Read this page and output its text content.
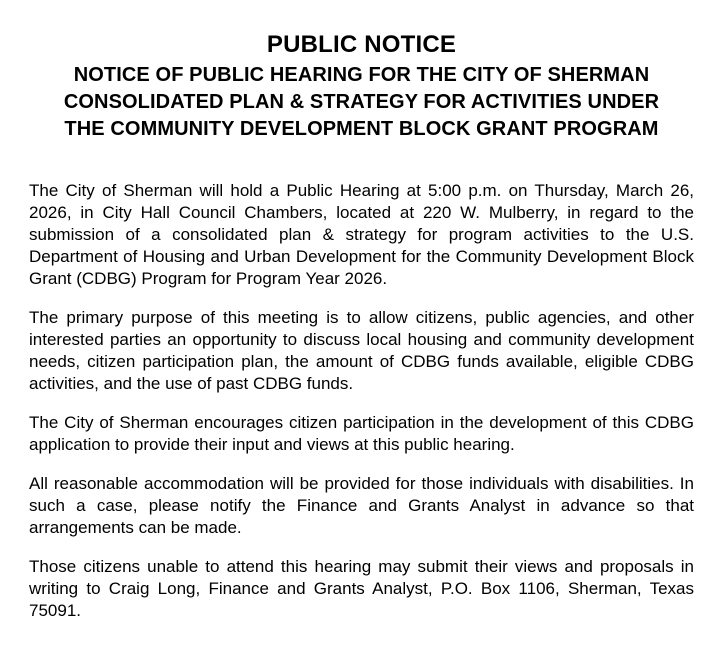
PUBLIC NOTICE
NOTICE OF PUBLIC HEARING FOR THE CITY OF SHERMAN
CONSOLIDATED PLAN & STRATEGY FOR ACTIVITIES UNDER
THE COMMUNITY DEVELOPMENT BLOCK GRANT PROGRAM

The City of Sherman will hold a Public Hearing at 5:00 p.m. on Thursday, March 26, 2026, in City Hall Council Chambers, located at 220 W. Mulberry, in regard to the submission of a consolidated plan & strategy for program activities to the U.S. Department of Housing and Urban Development for the Community Development Block Grant (CDBG) Program for Program Year 2026.

The primary purpose of this meeting is to allow citizens, public agencies, and other interested parties an opportunity to discuss local housing and community development needs, citizen participation plan, the amount of CDBG funds available, eligible CDBG activities, and the use of past CDBG funds.

The City of Sherman encourages citizen participation in the development of this CDBG application to provide their input and views at this public hearing.

All reasonable accommodation will be provided for those individuals with disabilities. In such a case, please notify the Finance and Grants Analyst in advance so that arrangements can be made.

Those citizens unable to attend this hearing may submit their views and proposals in writing to Craig Long, Finance and Grants Analyst, P.O. Box 1106, Sherman, Texas 75091.
